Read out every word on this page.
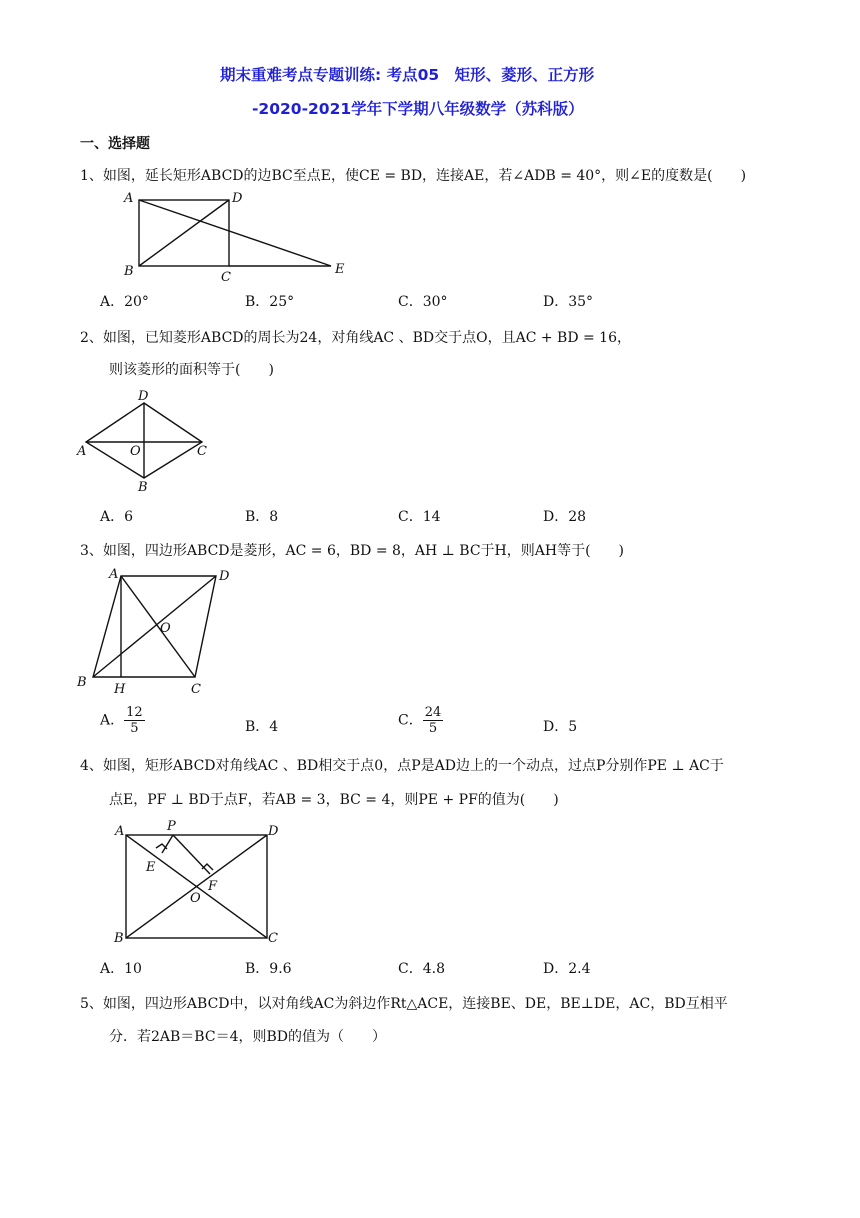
期末重难考点专题训练: 考点05　矩形、菱形、正方形
-2020-2021学年下学期八年级数学（苏科版）
一、选择题
1、如图，延长矩形ABCD的边BC至点E，使CE = BD，连接AE，若∠ADB = 40°，则∠E的度数是(　　)
A	D
B	C
E
A．20°	B．25°	C．30°	D．35°
2、如图，已知菱形ABCD的周长为24，对角线AC 、BD交于点O，且AC + BD = 16，
则该菱形的面积等于(　　)
D
A	O	C
B
A．6	B．8	C．14	D．28
3、如图，四边形ABCD是菱形，AC = 6，BD = 8，AH ⊥ BC于H，则AH等于(　　)
A	D
O
B H	C
A． $\frac{12}{5}$	B．4	C． $\frac{24}{5}$	D．5
4、如图，矩形ABCD对角线AC 、BD相交于点0，点P是AD边上的一个动点，过点P分别作PE ⊥ AC于
点E，PF ⊥ BD于点F，若AB = 3，BC = 4，则PE + PF的值为(　　)
A	P	D
E
F
O
B	C
A．10	B．9.6	C．4.8	D．2.4
5、如图，四边形ABCD中，以对角线AC为斜边作Rt△ACE，连接BE、DE，BE⊥DE，AC，BD互相平
分．若2AB＝BC＝4，则BD的值为（　　）
